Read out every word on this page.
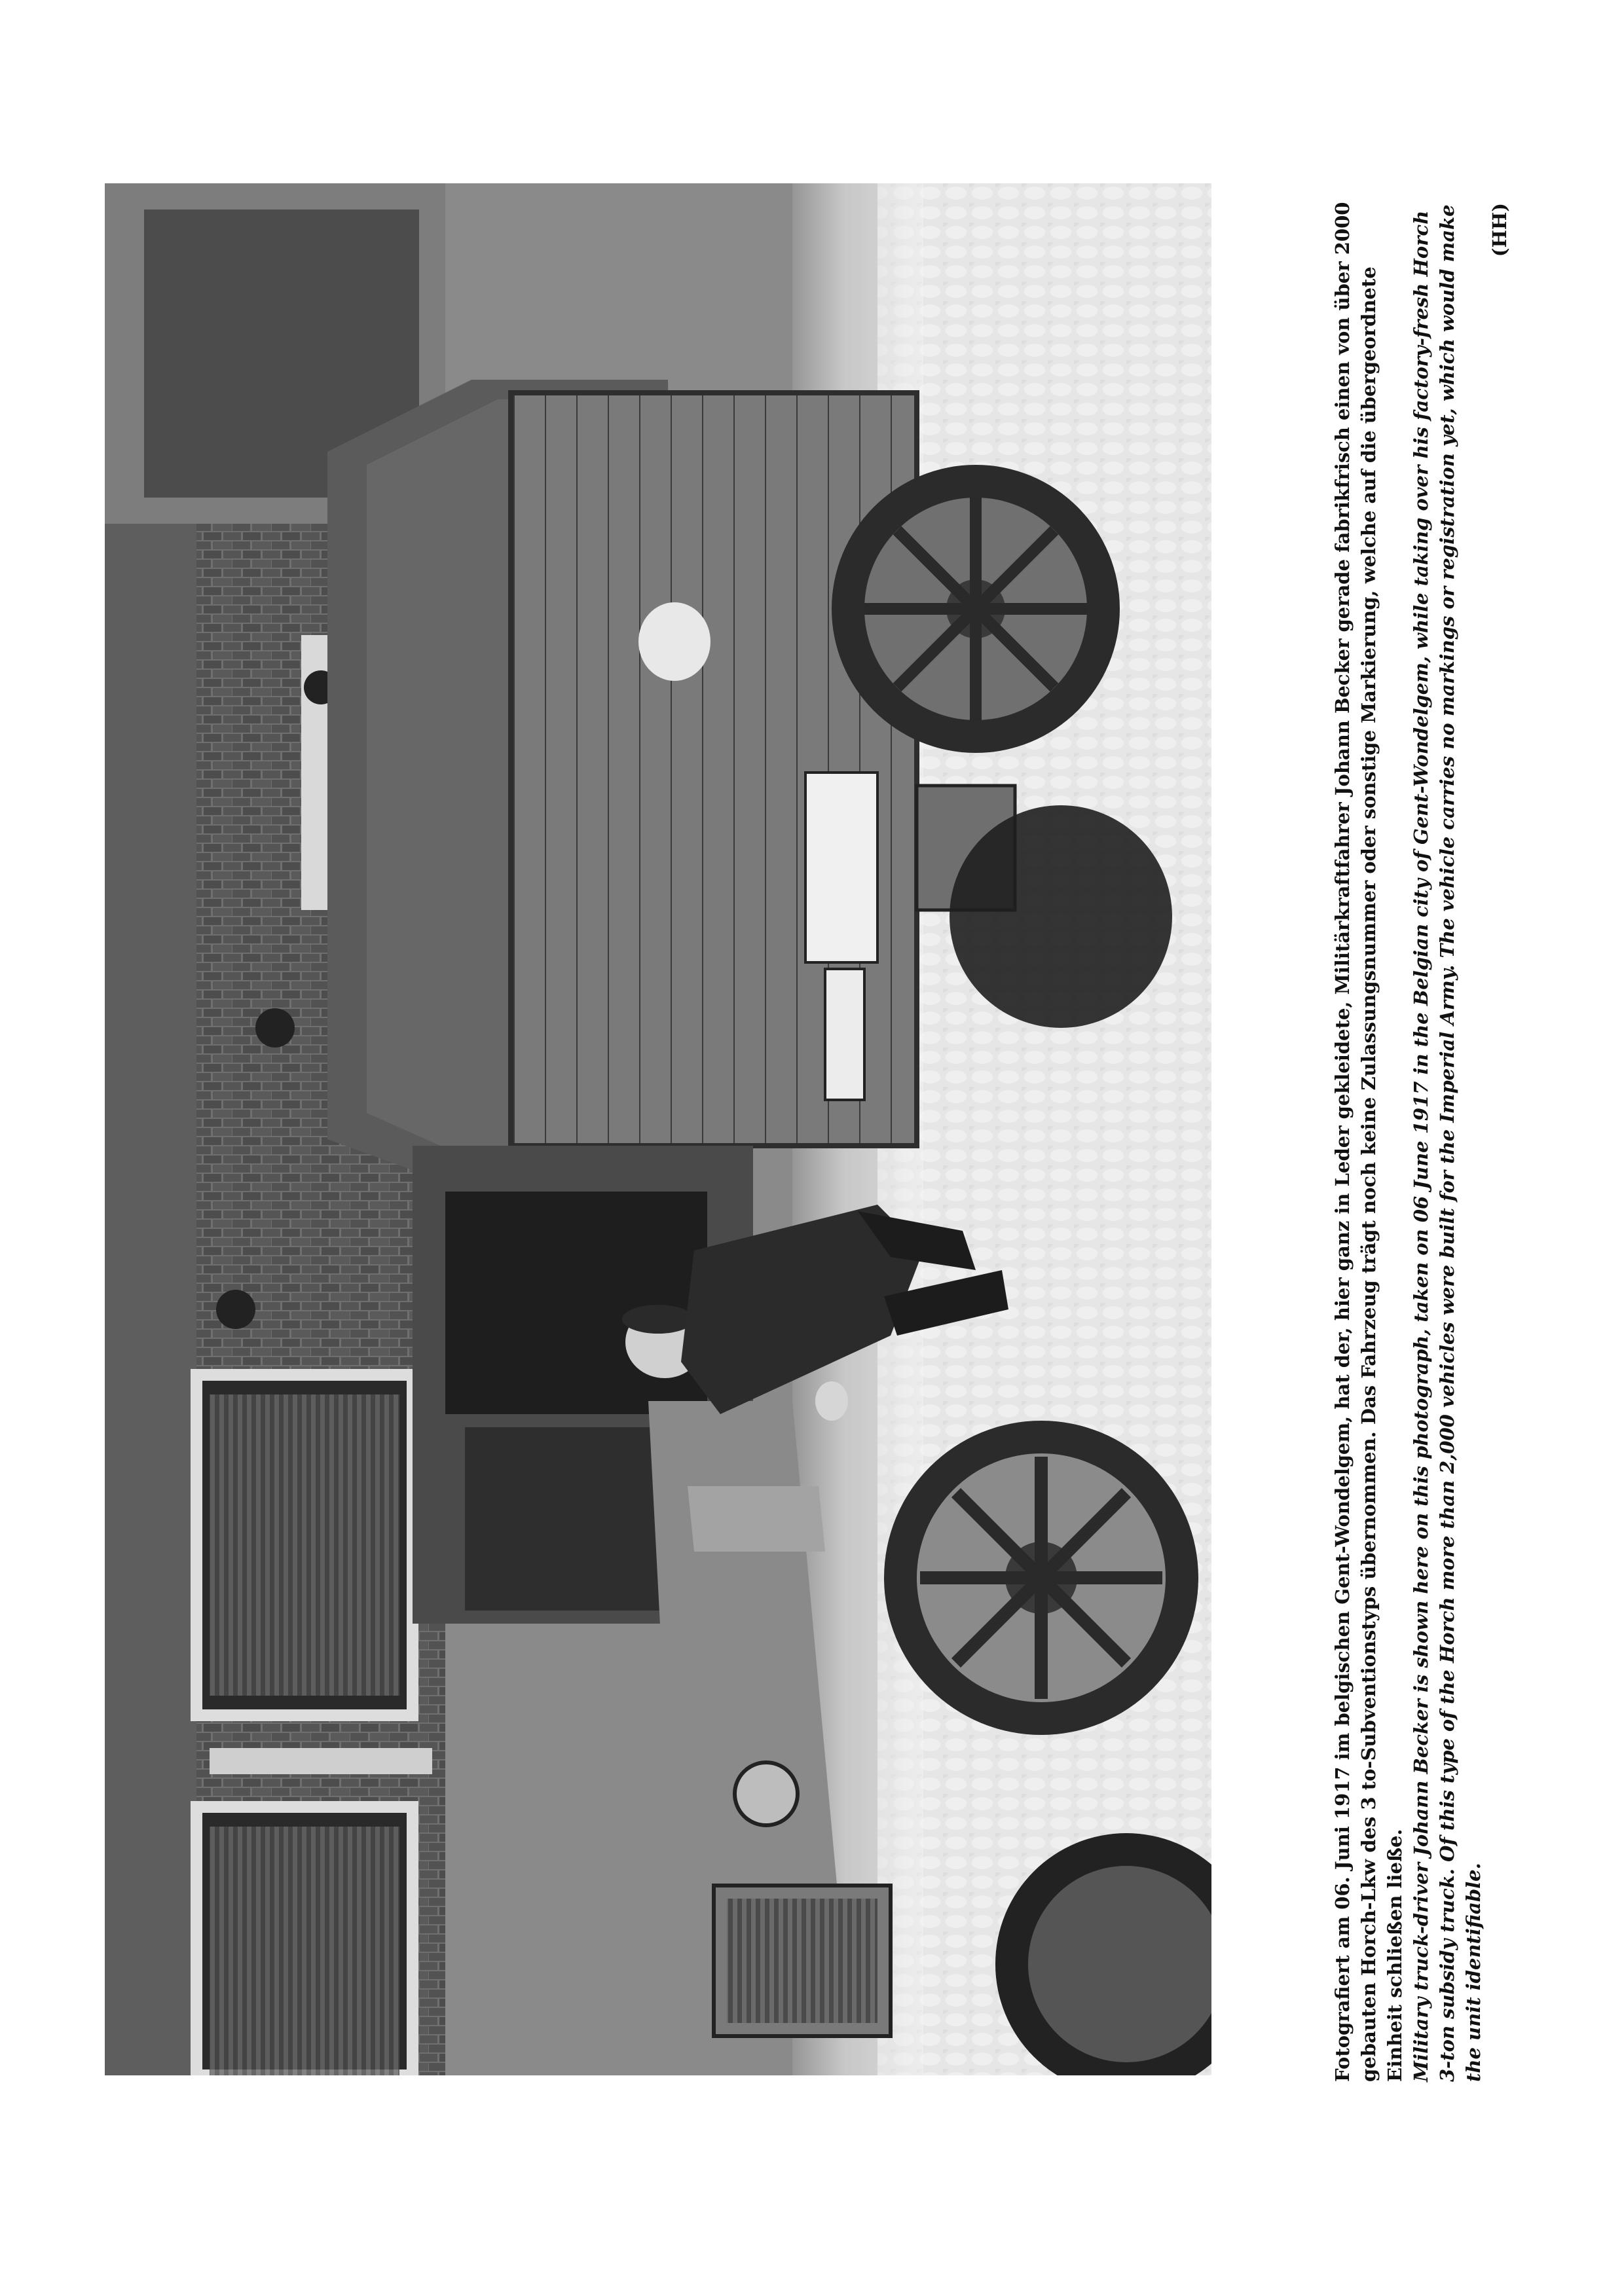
Fotografiert am 06. Juni 1917 im belgischen Gent-Wondelgem, hat der, hier ganz in Leder gekleidete, Militärkraftfahrer Johann Becker gerade fabrikfrisch einen von über 2000 gebauten Horch-Lkw des 3 to-Subventionstyps übernommen. Das Fahrzeug trägt noch keine Zulassungsnummer oder sonstige Markierung, welche auf die übergeordnete Einheit schließen ließe. Military truck-driver Johann Becker is shown here on this photograph, taken on 06 June 1917 in the Belgian city of Gent-Wondelgem, while taking over his factory-fresh Horch 3-ton subsidy truck. Of this type of the Horch more than 2,000 vehicles were built for the Imperial Army. The vehicle carries no markings or registration yet, which would make the unit identifiable.
(HH)
